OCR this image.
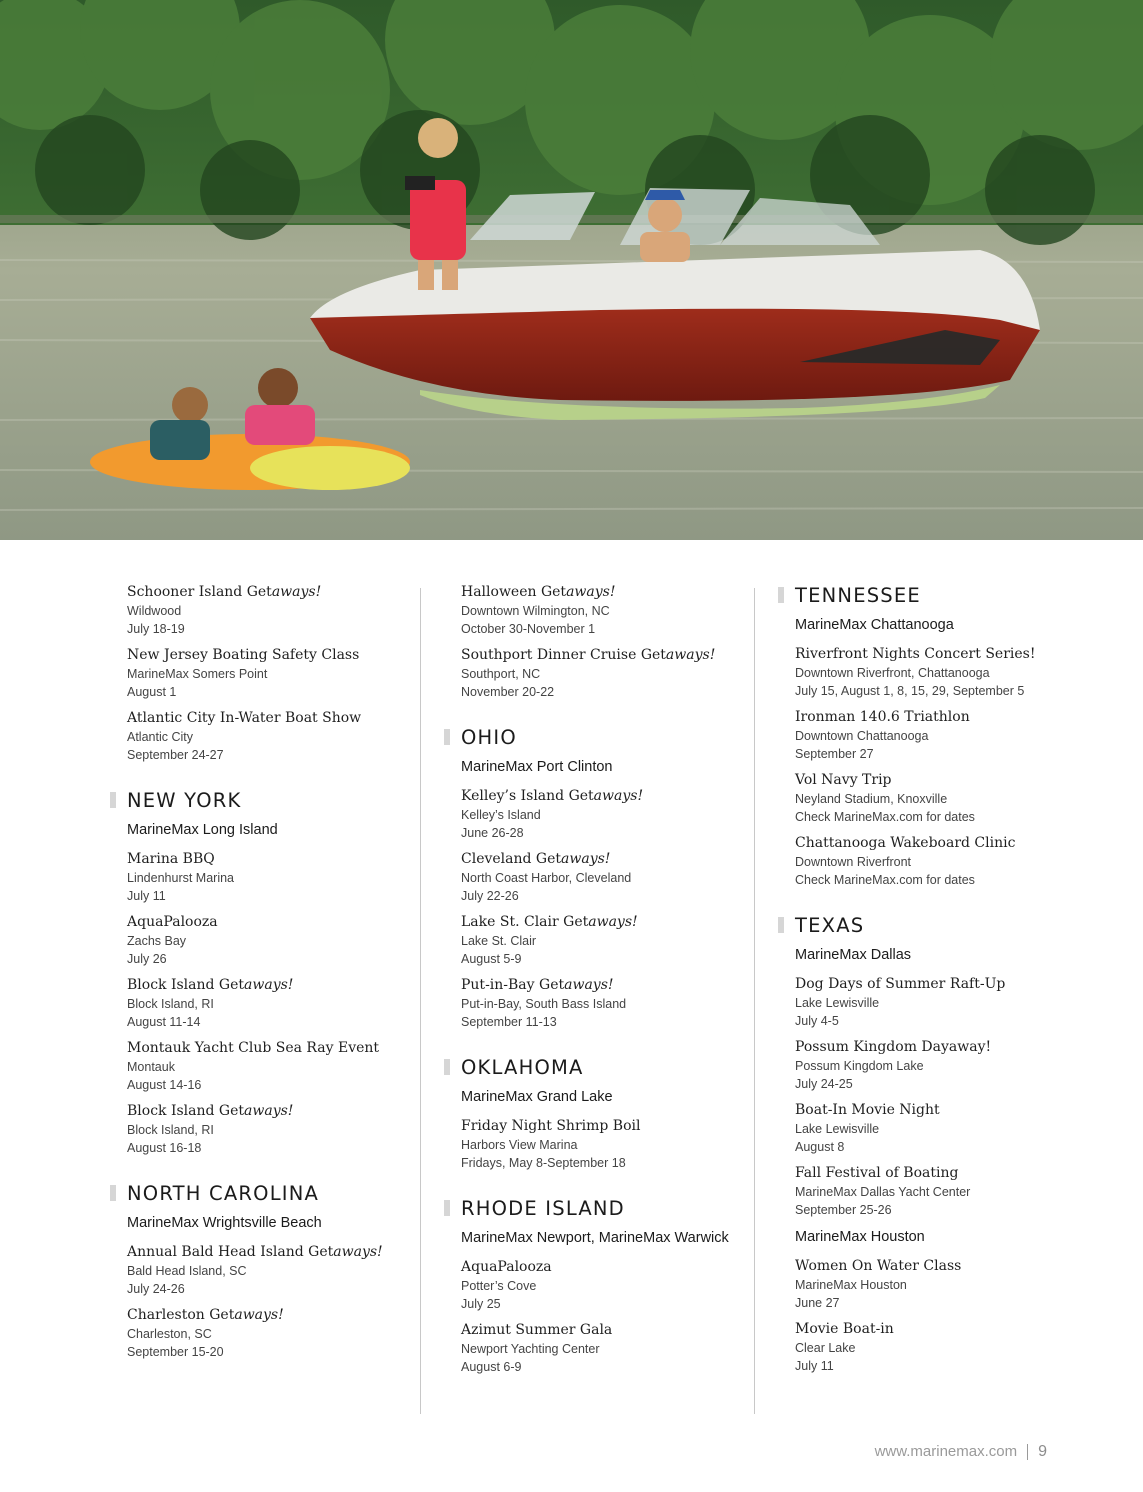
Schooner Island Getaways!
Wildwood
July 18-19
New Jersey Boating Safety Class
MarineMax Somers Point
August 1
Atlantic City In-Water Boat Show
Atlantic City
September 24-27
NEW YORK
MarineMax Long Island
Marina BBQ
Lindenhurst Marina
July 11
AquaPalooza
Zachs Bay
July 26
Block Island Getaways!
Block Island, RI
August 11-14
Montauk Yacht Club Sea Ray Event
Montauk
August 14-16
Block Island Getaways!
Block Island, RI
August 16-18
NORTH CAROLINA
MarineMax Wrightsville Beach
Annual Bald Head Island Getaways!
Bald Head Island, SC
July 24-26
Charleston Getaways!
Charleston, SC
September 15-20
Halloween Getaways!
Downtown Wilmington, NC
October 30-November 1
Southport Dinner Cruise Getaways!
Southport, NC
November 20-22
OHIO
MarineMax Port Clinton
Kelley’s Island Getaways!
Kelley’s Island
June 26-28
Cleveland Getaways!
North Coast Harbor, Cleveland
July 22-26
Lake St. Clair Getaways!
Lake St. Clair
August 5-9
Put-in-Bay Getaways!
Put-in-Bay, South Bass Island
September 11-13
OKLAHOMA
MarineMax Grand Lake
Friday Night Shrimp Boil
Harbors View Marina
Fridays, May 8-September 18
RHODE ISLAND
MarineMax Newport, MarineMax Warwick
AquaPalooza
Potter’s Cove
July 25
Azimut Summer Gala
Newport Yachting Center
August 6-9
TENNESSEE
MarineMax Chattanooga
Riverfront Nights Concert Series!
Downtown Riverfront, Chattanooga
July 15, August 1, 8, 15, 29, September 5
Ironman 140.6 Triathlon
Downtown Chattanooga
September 27
Vol Navy Trip
Neyland Stadium, Knoxville
Check MarineMax.com for dates
Chattanooga Wakeboard Clinic
Downtown Riverfront
Check MarineMax.com for dates
TEXAS
MarineMax Dallas
Dog Days of Summer Raft-Up
Lake Lewisville
July 4-5
Possum Kingdom Dayaway!
Possum Kingdom Lake
July 24-25
Boat-In Movie Night
Lake Lewisville
August 8
Fall Festival of Boating
MarineMax Dallas Yacht Center
September 25-26
MarineMax Houston
Women On Water Class
MarineMax Houston
June 27
Movie Boat-in
Clear Lake
July 11
www.marinemax.com 9
